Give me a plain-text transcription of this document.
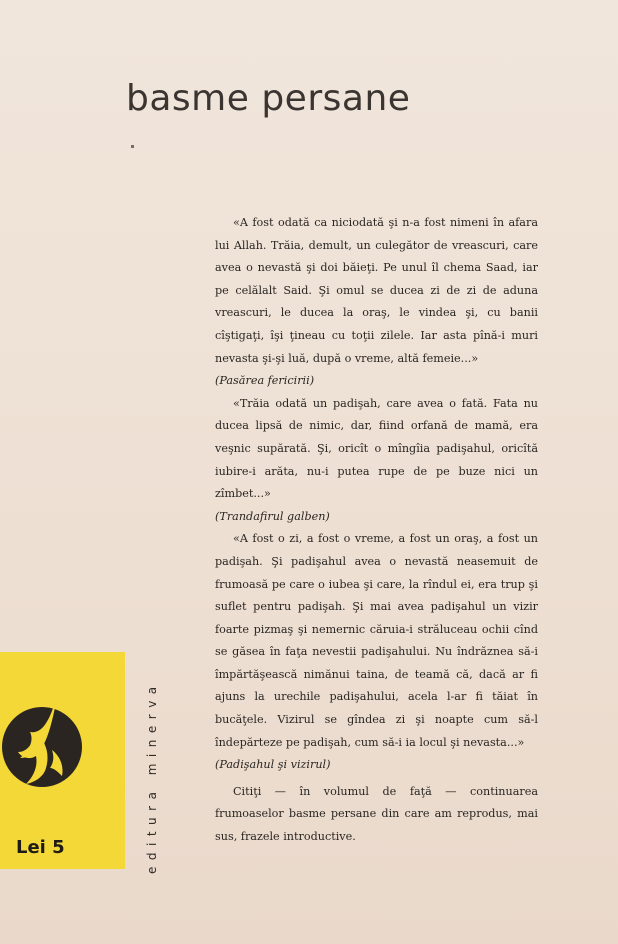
basme persane

«A fost odată ca niciodată şi n-a fost nimeni în afara lui Allah. Trăia, demult, un culegător de vreascuri, care avea o nevastă şi doi băieţi. Pe unul îl chema Saad, iar pe celălalt Said. Şi omul se ducea zi de zi de aduna vreascuri, le ducea la oraş, le vindea şi, cu banii cîştigaţi, îşi ţineau cu toţii zilele. Iar asta pînă-i muri nevasta şi-şi luă, după o vreme, altă femeie...»

(Pasărea fericirii)

«Trăia odată un padişah, care avea o fată. Fata nu ducea lipsă de nimic, dar, fiind orfană de mamă, era veşnic supărată. Şi, oricît o mîngîia padişahul, oricîtă iubire-i arăta, nu-i putea rupe de pe buze nici un zîmbet...»

(Trandafirul galben)

«A fost o zi, a fost o vreme, a fost un oraş, a fost un padişah. Şi padişahul avea o nevastă neasemuit de frumoasă pe care o iubea şi care, la rîndul ei, era trup şi suflet pentru padişah. Şi mai avea padişahul un vizir foarte pizmaş şi nemernic căruia-i străluceau ochii cînd se găsea în faţa nevestii padişahului. Nu îndrăznea să-i împărtăşească nimănui taina, de teamă că, dacă ar fi ajuns la urechile padişahului, acela l-ar fi tăiat în bucăţele. Vizirul se gîndea zi şi noapte cum să-l îndepărteze pe padişah, cum să-i ia locul şi nevasta...»

(Padişahul şi vizirul)

Citiţi — în volumul de faţă — continuarea frumoaselor basme persane din care am reprodus, mai sus, frazele introductive.

Lei 5	editura minerva
